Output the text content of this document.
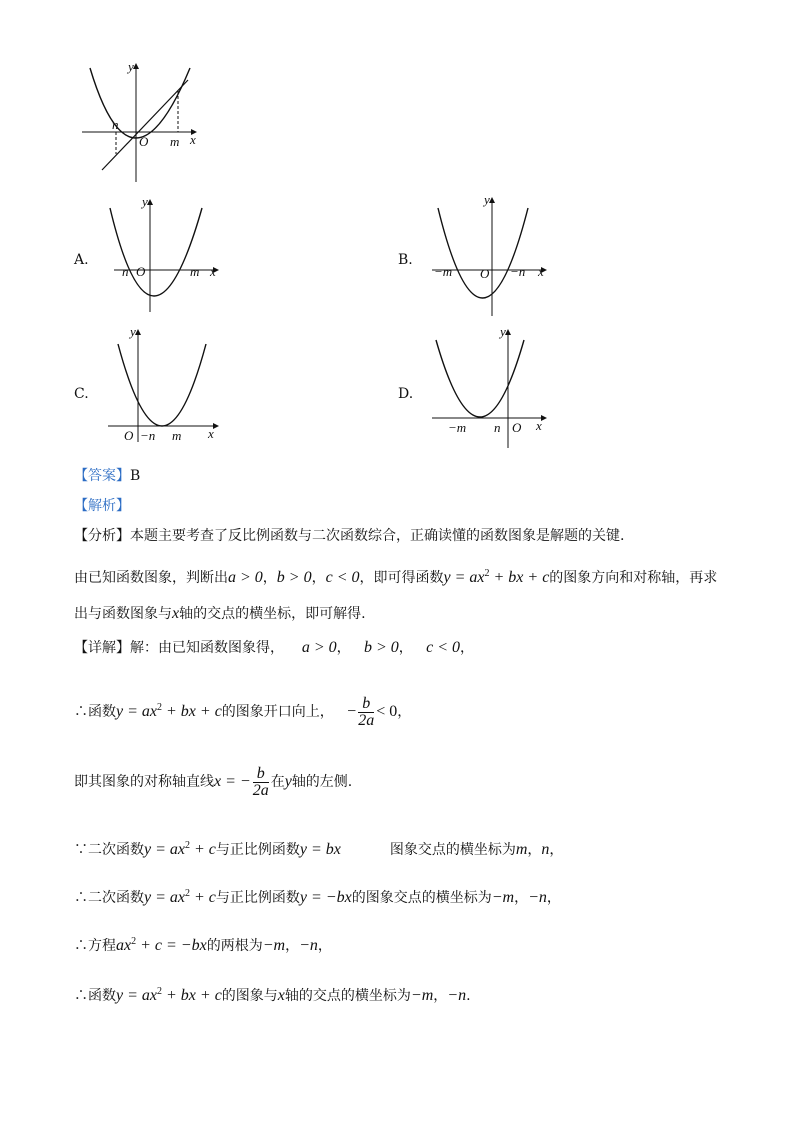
y
x
O
n
m
A.
y
x
O
n	m
B.
y
x
O
−m	−n
C.
y
x
O −n m
D.
y
x
O
−m n
【答案】B
【解析】
【分析】本题主要考查了反比例函数与二次函数综合，正确读懂的函数图象是解题的关键.
由已知函数图象，判断出a > 0，b > 0，c < 0，即可得函数$y = ax^2$ + bx + c的图象方向和对称轴，再求
出与函数图象与x轴的交点的横坐标，即可解得.
【详解】解：由已知函数图象得， a > 0， b > 0， c < 0，
∴函数$y = ax^2$ + bx + c的图象开口向上， − $\frac{b}{2a} < 0$，
即其图象的对称轴直线x = − $\frac{b}{2a}$ 在y轴的左侧.
∵二次函数$y = ax^2 + c$与正比例函数y = bx	图象交点的横坐标为m，n，
∴二次函数$y = ax^2 + c$与正比例函数y = −bx的图象交点的横坐标为−m，−n，
∴方程$ax^2 + c = -bx$的两根为−m，−n，
∴函数$y = ax^2$ + bx + c的图象与x轴的交点的横坐标为−m，−n.
